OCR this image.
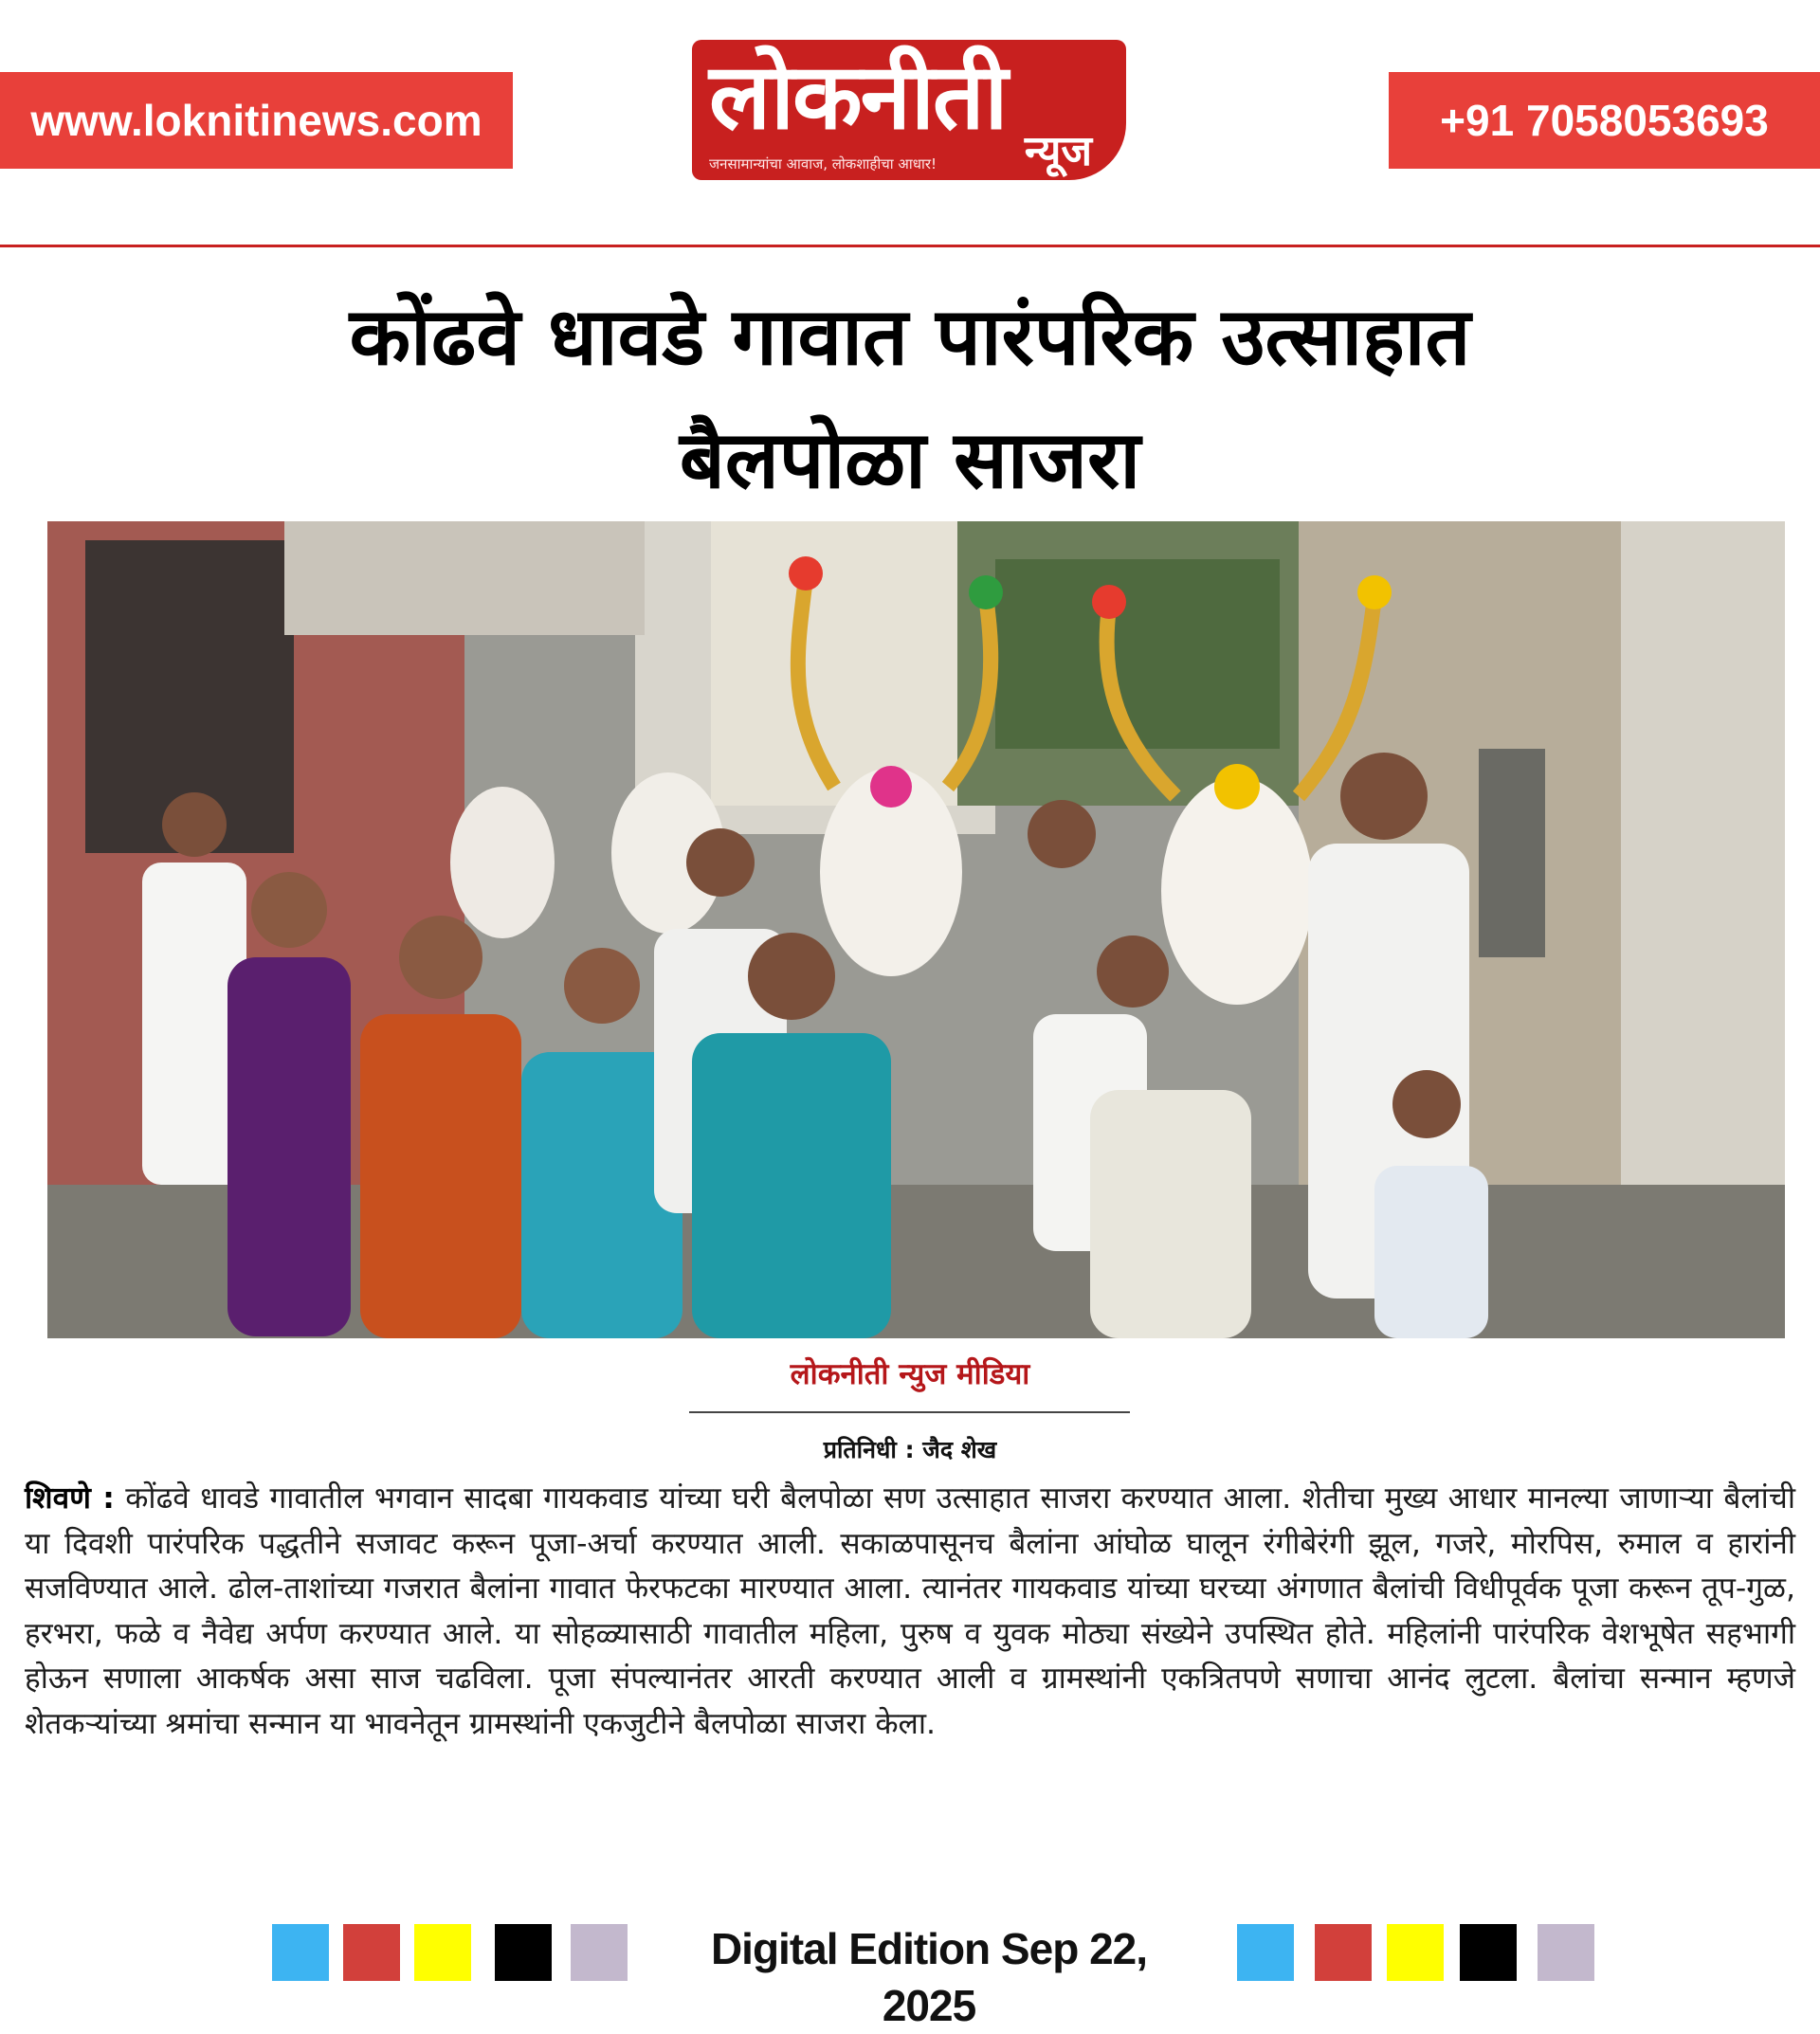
www.loknitinews.com लोकनीती
जनसामान्यांचा आवाज, लोकशाहीचा आधार! न्यूज
+91 7058053693
कोंढवे धावडे गावात पारंपरिक उत्साहात
बैलपोळा साजरा
लोकनीती न्युज मीडिया
प्रतिनिधी : जैद शेख

शिवणे : कोंढवे धावडे गावातील भगवान सादबा गायकवाड यांच्या घरी बैलपोळा सण उत्साहात साजरा करण्यात आला. शेतीचा मुख्य आधार मानल्या जाणाऱ्या बैलांची या दिवशी पारंपरिक पद्धतीने सजावट करून पूजा-अर्चा करण्यात आली. सकाळपासूनच बैलांना आंघोळ घालून रंगीबेरंगी झूल, गजरे, मोरपिस, रुमाल व हारांनी सजविण्यात आले. ढोल-ताशांच्या गजरात बैलांना गावात फेरफटका मारण्यात आला. त्यानंतर गायकवाड यांच्या घरच्या अंगणात बैलांची विधीपूर्वक पूजा करून तूप-गुळ, हरभरा, फळे व नैवेद्य अर्पण करण्यात आले. या सोहळ्यासाठी गावातील महिला, पुरुष व युवक मोठ्या संख्येने उपस्थित होते. महिलांनी पारंपरिक वेशभूषेत सहभागी होऊन सणाला आकर्षक असा साज चढविला. पूजा संपल्यानंतर आरती करण्यात आली व ग्रामस्थांनी एकत्रितपणे सणाचा आनंद लुटला. बैलांचा सन्मान म्हणजे शेतकऱ्यांच्या श्रमांचा सन्मान या भावनेतून ग्रामस्थांनी एकजुटीने बैलपोळा साजरा केला.

Digital Edition Sep 22, 2025
